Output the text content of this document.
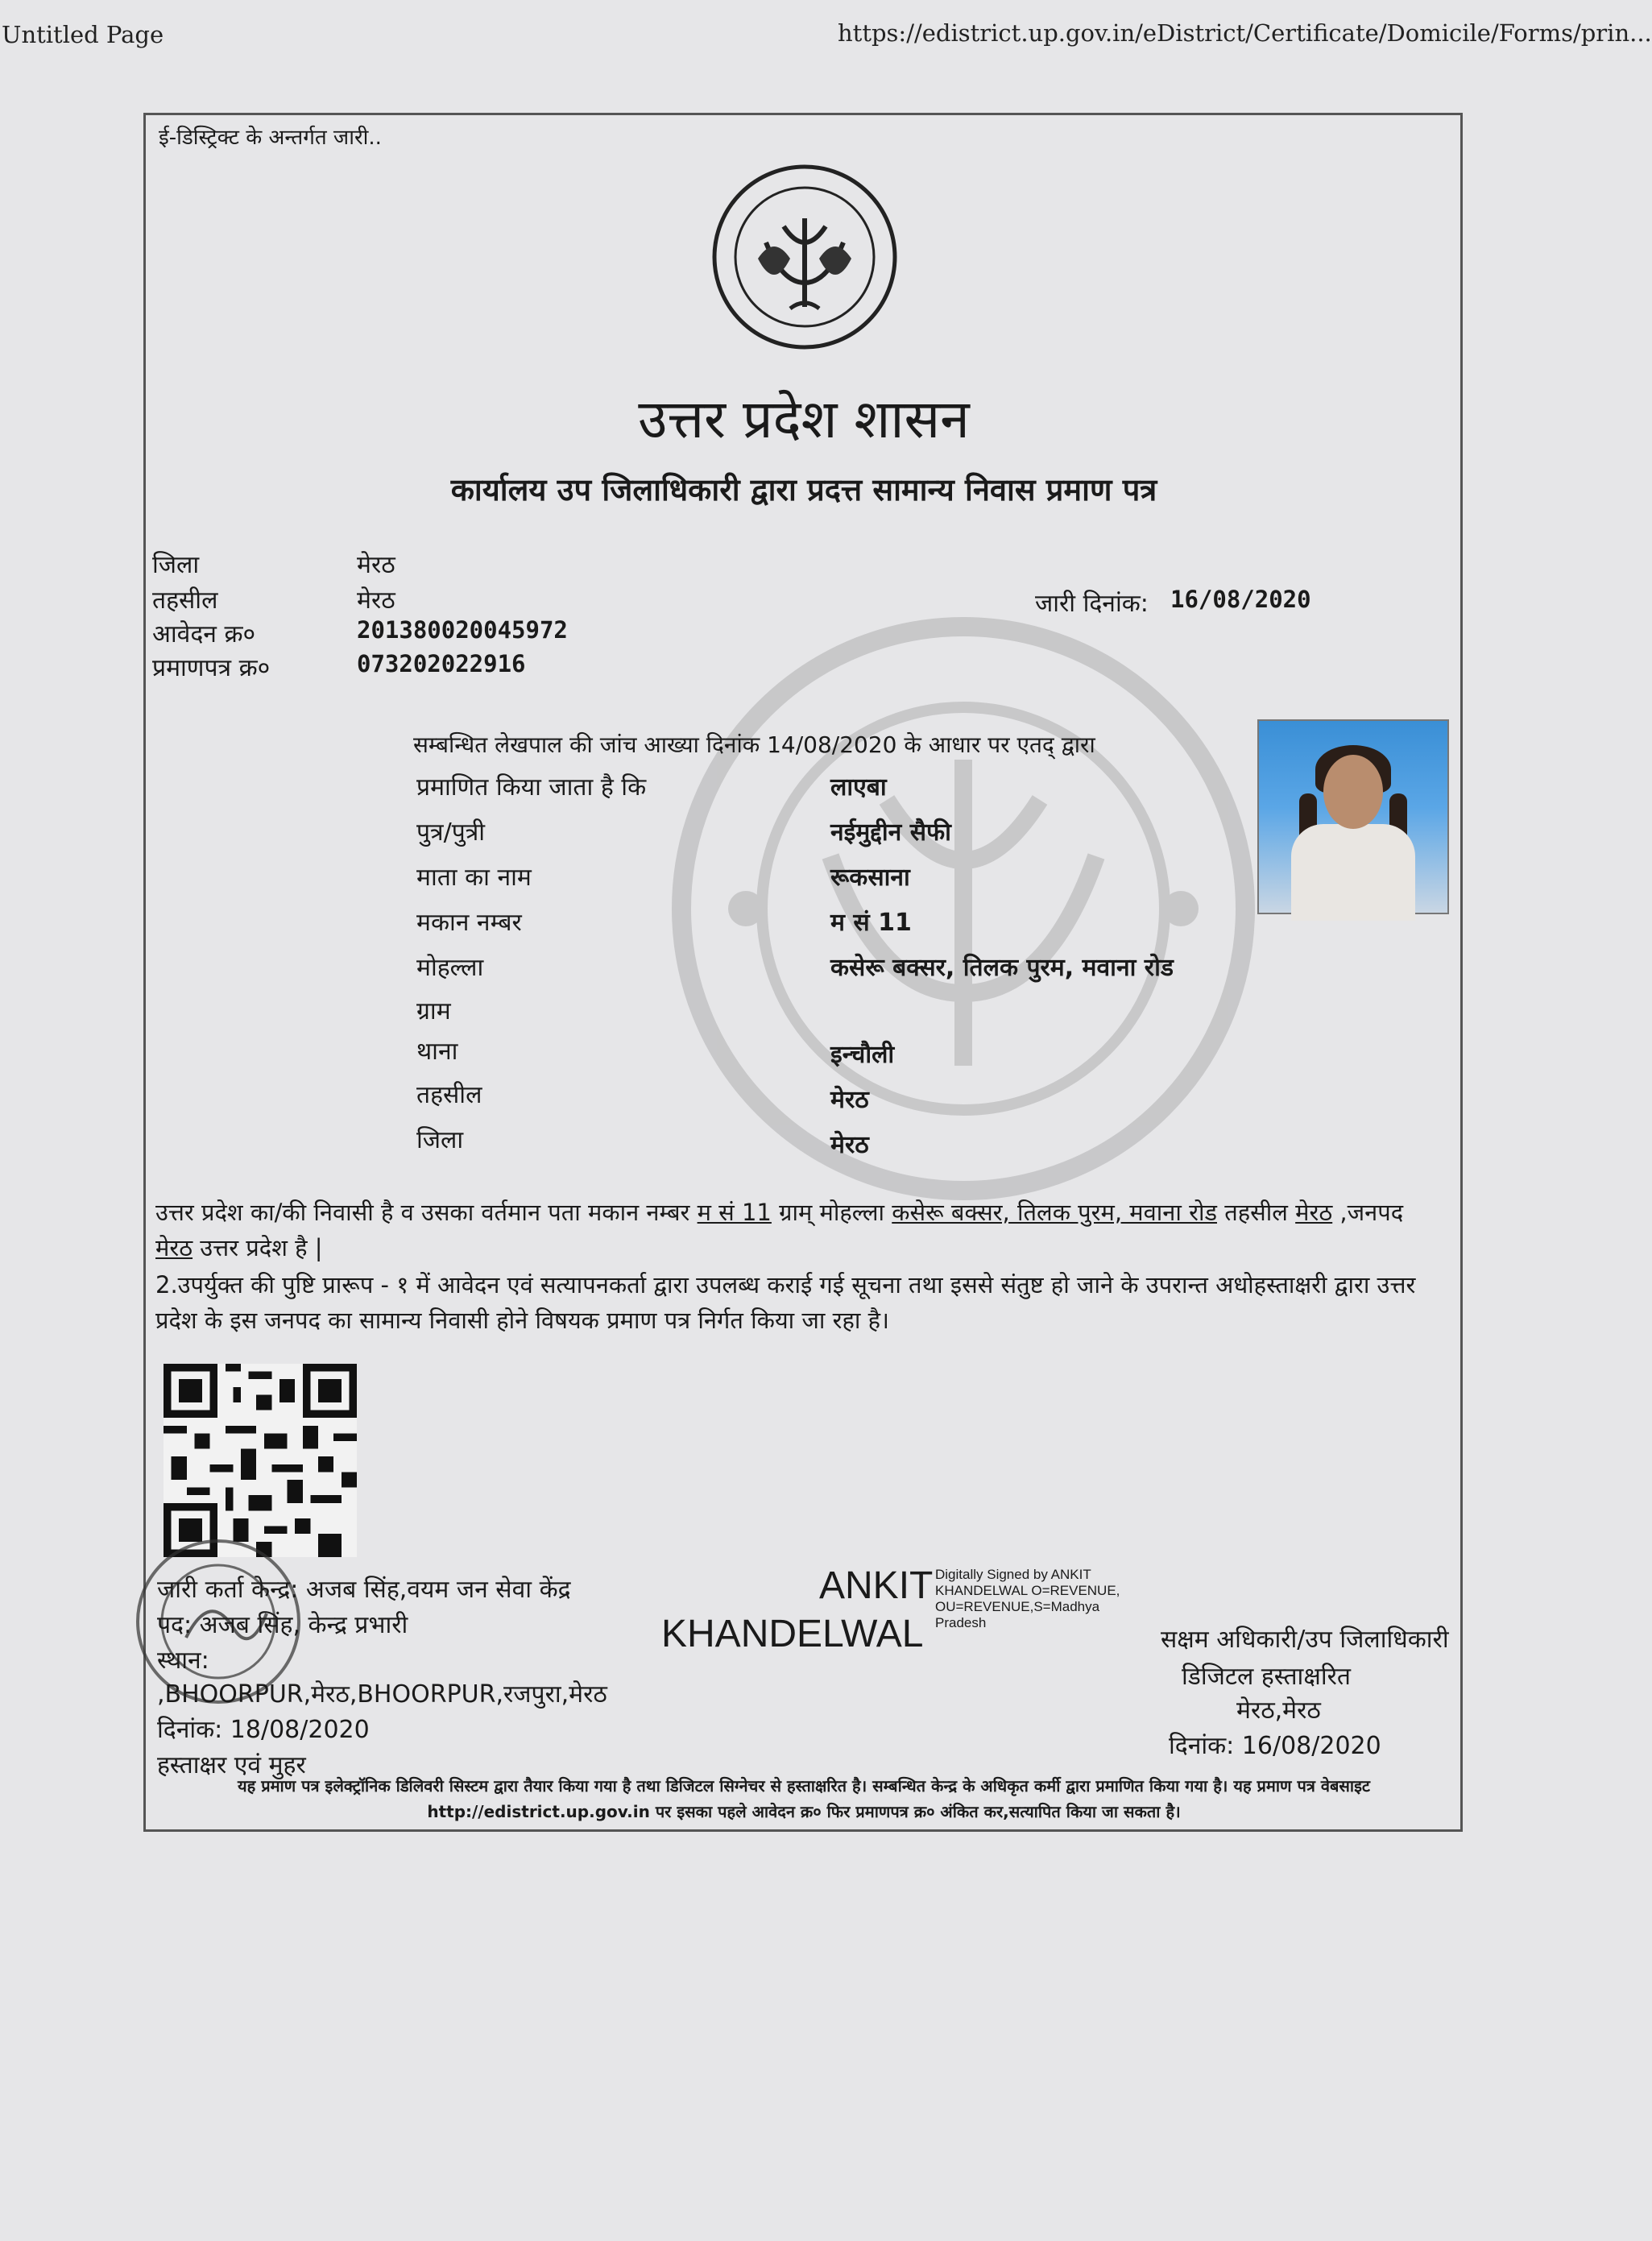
Untitled Page	https://edistrict.up.gov.in/eDistrict/Certificate/Domicile/Forms/prin...
ई-डिस्ट्रिक्ट के अन्तर्गत जारी..
उत्तर प्रदेश शासन
कार्यालय उप जिलाधिकारी द्वारा प्रदत्त सामान्य निवास प्रमाण पत्र
जिला	मेरठ
तहसील	मेरठ
आवेदन क्र०	201380020045972
प्रमाणपत्र क्र०	073202022916
जारी दिनांक: 16/08/2020
सम्बन्धित लेखपाल की जांच आख्या दिनांक 14/08/2020 के आधार पर एतद् द्वारा
प्रमाणित किया जाता है कि	लाएबा
पुत्र/पुत्री	नईमुद्दीन सैफी
माता का नाम	रूकसाना
मकान नम्बर	म सं 11
मोहल्ला	कसेरू बक्सर, तिलक पुरम, मवाना रोड
ग्राम
थाना	इन्चौली
तहसील	मेरठ
जिला	मेरठ
उत्तर प्रदेश का/की निवासी है व उसका वर्तमान पता मकान नम्बर म सं 11 ग्राम् मोहल्ला कसेरू बक्सर, तिलक पुरम, मवाना रोड तहसील मेरठ ,जनपद मेरठ उत्तर प्रदेश है |
2.उपर्युक्त की पुष्टि प्रारूप - १ में आवेदन एवं सत्यापनकर्ता द्वारा उपलब्ध कराई गई सूचना तथा इससे संतुष्ट हो जाने के उपरान्त अधोहस्ताक्षरी द्वारा उत्तर प्रदेश के इस जनपद का सामान्य निवासी होने विषयक प्रमाण पत्र निर्गत किया जा रहा है।
जारी कर्ता केन्द्र: अजब सिंह,वयम जन सेवा केंद्र
पद: अजब सिंह, केन्द्र प्रभारी
स्थान:
,BHOORPUR,मेरठ,BHOORPUR,रजपुरा,मेरठ
दिनांक: 18/08/2020
हस्ताक्षर एवं मुहर
ANKIT
KHANDELWAL
Digitally Signed by ANKIT KHANDELWAL O=REVENUE, OU=REVENUE,S=Madhya Pradesh
सक्षम अधिकारी/उप जिलाधिकारी
डिजिटल हस्ताक्षरित
मेरठ,मेरठ
दिनांक: 16/08/2020
यह प्रमाण पत्र इलेक्ट्रॉनिक डिलिवरी सिस्टम द्वारा तैयार किया गया है तथा डिजिटल सिग्नेचर से हस्ताक्षरित है। सम्बन्धित केन्द्र के अधिकृत कर्मी द्वारा प्रमाणित किया गया है। यह प्रमाण पत्र वेबसाइट http://edistrict.up.gov.in पर इसका पहले आवेदन क्र० फिर प्रमाणपत्र क्र० अंकित कर,सत्यापित किया जा सकता है।
